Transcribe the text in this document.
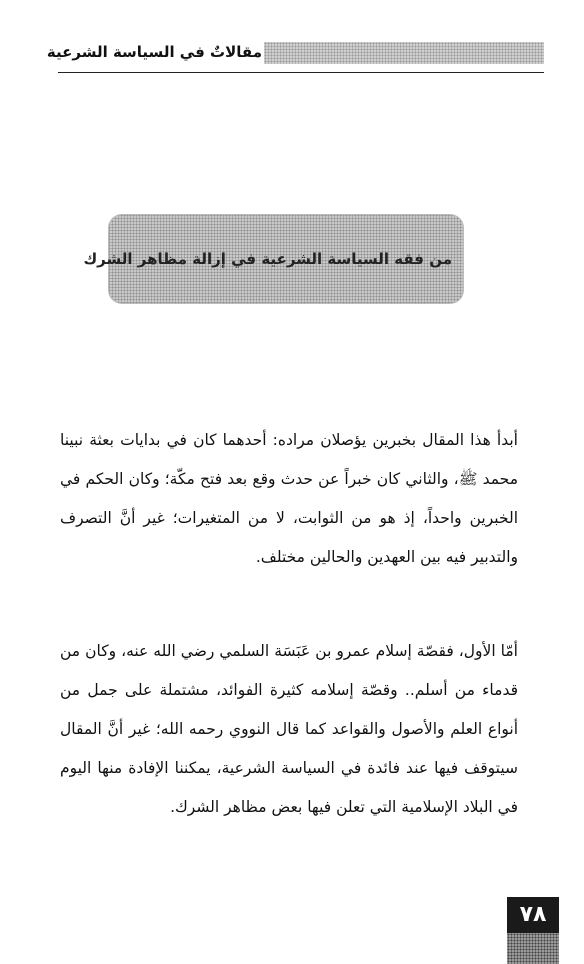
مقالاتٌ في السياسة الشرعية
من فقه السياسة الشرعية في إزالة مظاهر الشرك

أبدأ هذا المقال بخبرين يؤصلان مراده: أحدهما كان في بدايات بعثة نبينا محمد ﷺ، والثاني كان خبراً عن حدث وقع بعد فتح مكّة؛ وكان الحكم في الخبرين واحداً، إذ هو من الثوابت، لا من المتغيرات؛ غير أنَّ التصرف والتدبير فيه بين العهدين والحالين مختلف.

أمّا الأول، فقصّة إسلام عمرو بن عَبَسَة السلمي رضي الله عنه، وكان من قدماء من أسلم.. وقصّة إسلامه كثيرة الفوائد، مشتملة على جمل من أنواع العلم والأصول والقواعد كما قال النووي رحمه الله؛ غير أنَّ المقال سيتوقف فيها عند فائدة في السياسة الشرعية، يمكننا الإفادة منها اليوم في البلاد الإسلامية التي تعلن فيها بعض مظاهر الشرك.

٧٨
